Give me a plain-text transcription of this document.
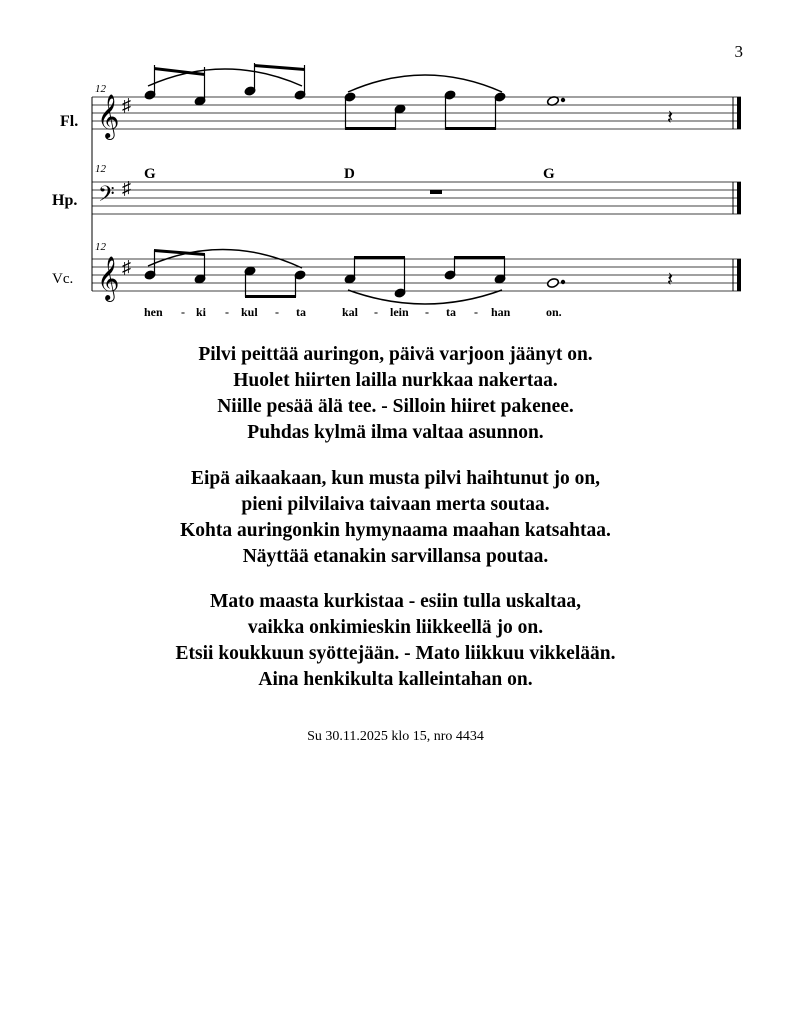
3
Fl.
12
𝄞 ♯
𝄽
Hp.
12
𝄢 ♯
G	D	G
Vc.
12
𝄞 ♯
𝄽
hen - ki - kul - ta	kal - lein - ta - han	on.
Pilvi peittää auringon, päivä varjoon jäänyt on.
Huolet hiirten lailla nurkkaa nakertaa.
Niille pesää älä tee. - Silloin hiiret pakenee.
Puhdas kylmä ilma valtaa asunnon.
Eipä aikaakaan, kun musta pilvi haihtunut jo on,
pieni pilvilaiva taivaan merta soutaa.
Kohta auringonkin hymynaama maahan katsahtaa.
Näyttää etanakin sarvillansa poutaa.
Mato maasta kurkistaa - esiin tulla uskaltaa,
vaikka onkimieskin liikkeellä jo on.
Etsii koukkuun syöttejään. - Mato liikkuu vikkelään.
Aina henkikulta kalleintahan on.
Su 30.11.2025 klo 15, nro 4434
